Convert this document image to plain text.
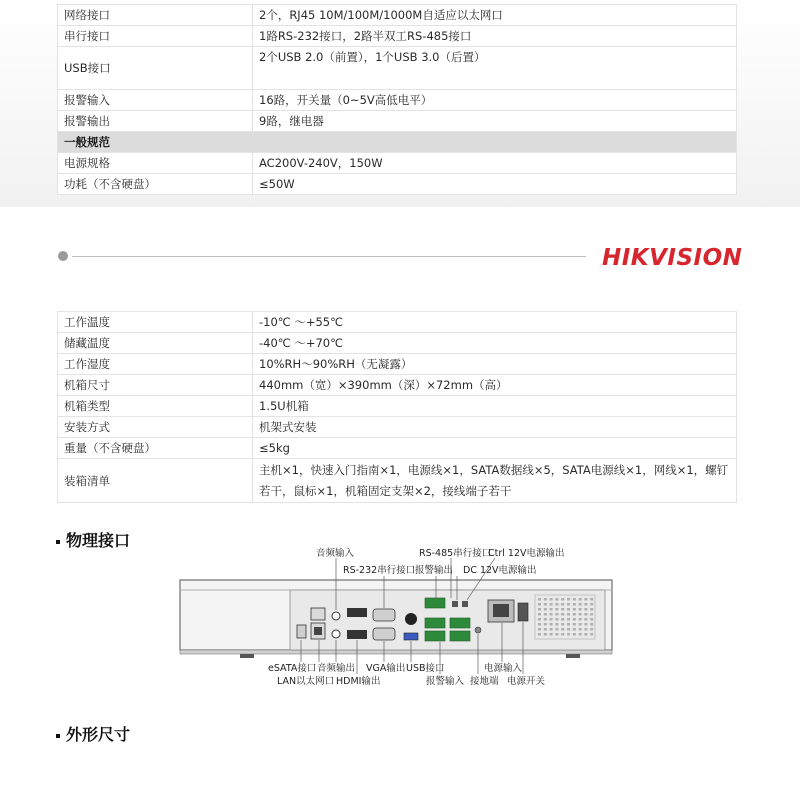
网络接口	2个，RJ45 10M/100M/1000M自适应以太网口
串行接口	1路RS-232接口，2路半双工RS-485接口
USB接口	2个USB 2.0（前置），1个USB 3.0（后置）
报警输入	16路，开关量（0~5V高低电平）
报警输出	9路，继电器
一般规范	
电源规格	AC200V-240V，150W
功耗（不含硬盘）	≤50W
HIKVISION
工作温度	-10℃ ～+55℃
储藏温度	-40℃ ～+70℃
工作湿度	10%RH～90%RH（无凝露）
机箱尺寸	440mm（宽）×390mm（深）×72mm（高）
机箱类型	1.5U机箱
安装方式	机架式安装
重量（不含硬盘）	≤5kg
装箱清单	主机×1，快速入门指南×1，电源线×1，SATA数据线×5，SATA电源线×1，网线×1，螺钉若干，鼠标×1，机箱固定支架×2，接线端子若干
物理接口
音频输入
RS-232串行接口 报警输出
RS-485串行接口
Ctrl 12V电源输出
DC 12V电源输出
eSATA接口
LAN以太网口
音频输出
HDMI输出
VGA输出 USB接口
报警输入 接地端
电源输入
电源开关
外形尺寸
